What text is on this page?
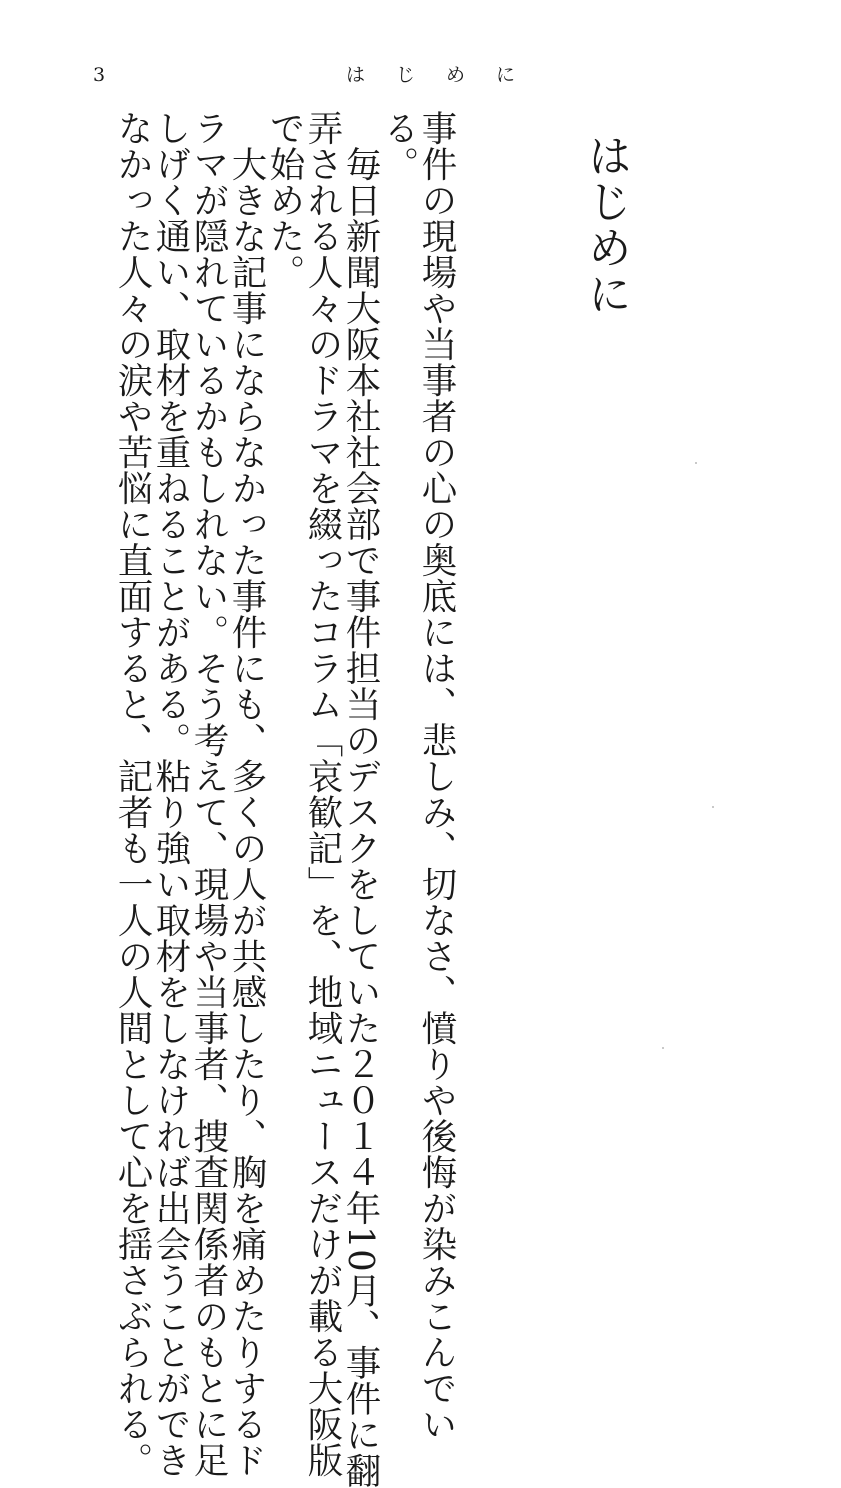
3	はじめに
はじめに
事件の現場や当事者の心の奥底には、悲しみ、切なさ、憤りや後悔が染みこんでい
る。
毎日新聞大阪本社社会部で事件担当のデスクをしていた２０１４年10月、事件に翻
弄される人々のドラマを綴ったコラム「哀歓記」を、地域ニュースだけが載る大阪版
で始めた。
大きな記事にならなかった事件にも、多くの人が共感したり、胸を痛めたりするド
ラマが隠れているかもしれない。そう考えて、現場や当事者、捜査関係者のもとに足
しげく通い、取材を重ねることがある。粘り強い取材をしなければ出会うことができ
なかった人々の涙や苦悩に直面すると、記者も一人の人間として心を揺さぶられる。
